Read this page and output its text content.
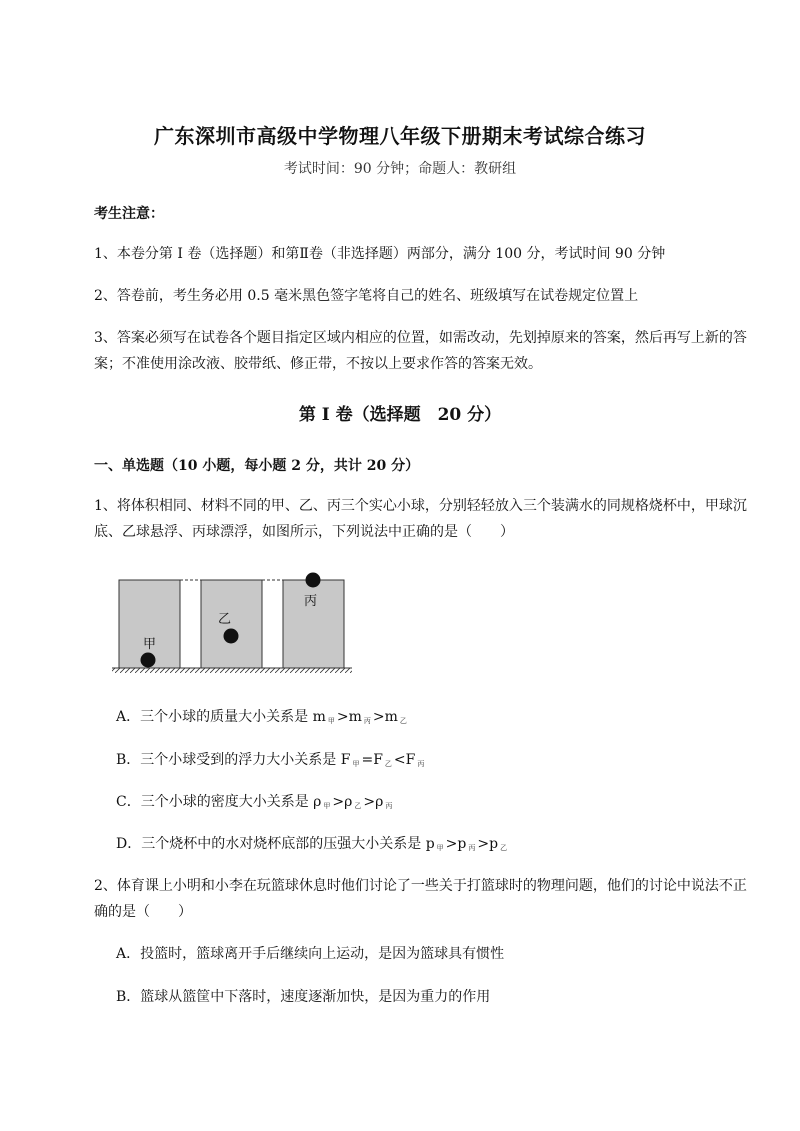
广东深圳市高级中学物理八年级下册期末考试综合练习
考试时间：90 分钟；命题人：教研组
考生注意：
1、本卷分第 I 卷（选择题）和第Ⅱ卷（非选择题）两部分，满分 100 分，考试时间 90 分钟
2、答卷前，考生务必用 0.5 毫米黑色签字笔将自己的姓名、班级填写在试卷规定位置上
3、答案必须写在试卷各个题目指定区域内相应的位置，如需改动，先划掉原来的答案，然后再写上新的答案；不准使用涂改液、胶带纸、修正带，不按以上要求作答的答案无效。
第 I 卷（选择题　20 分）
一、单选题（10 小题，每小题 2 分，共计 20 分）
1、将体积相同、材料不同的甲、乙、丙三个实心小球，分别轻轻放入三个装满水的同规格烧杯中，甲球沉底、乙球悬浮、丙球漂浮，如图所示，下列说法中正确的是（　　）
甲
乙
丙
A．三个小球的质量大小关系是 m $_甲$ >m $_丙$ >m $_乙$
B．三个小球受到的浮力大小关系是 F $_甲$ =F $_乙$ <F $_丙$
C．三个小球的密度大小关系是 ρ $_甲$ >ρ $_乙$ >ρ $_丙$
D．三个烧杯中的水对烧杯底部的压强大小关系是 p $_甲$ >p $_丙$ >p $_乙$
2、体育课上小明和小李在玩篮球休息时他们讨论了一些关于打篮球时的物理问题，他们的讨论中说法不正确的是（　　）
A．投篮时，篮球离开手后继续向上运动，是因为篮球具有惯性
B．篮球从篮筐中下落时，速度逐渐加快，是因为重力的作用
